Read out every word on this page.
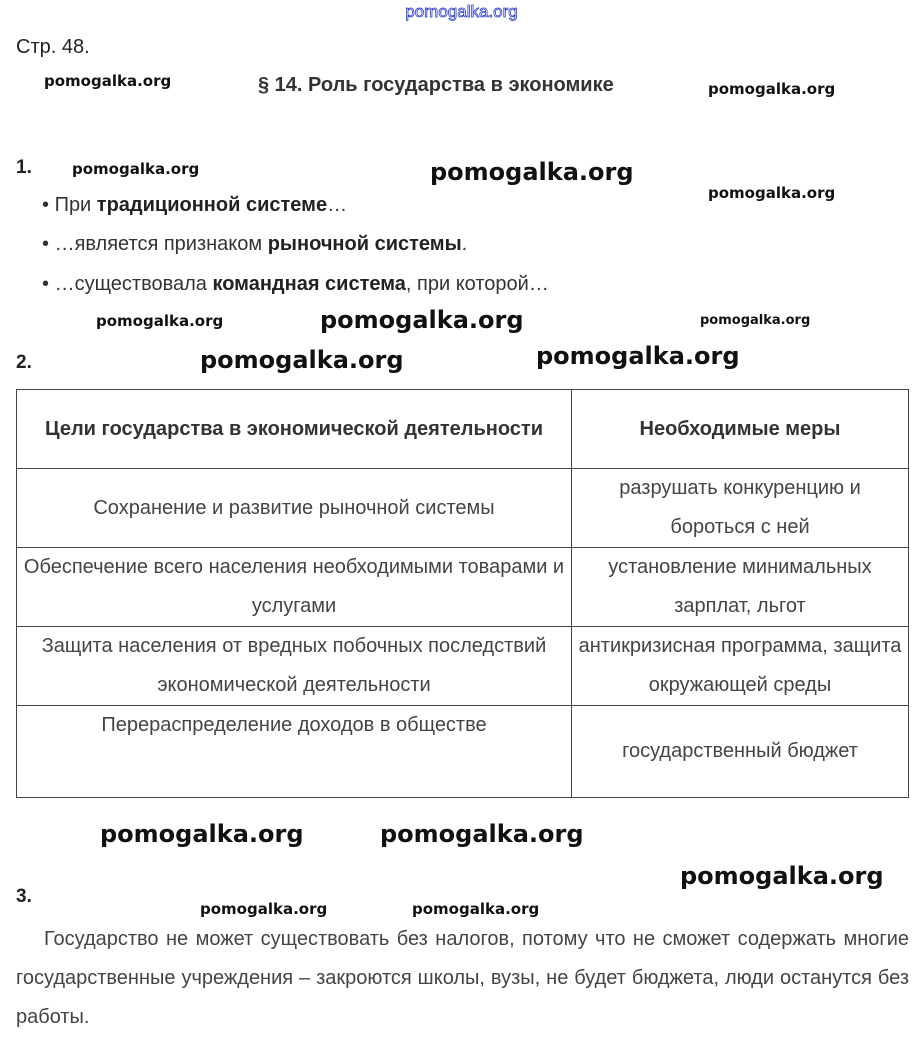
pomogalka.org
Стр. 48.
§ 14. Роль государства в экономике
1.
• При традиционной системе…
• …является признаком рыночной системы.
• …существовала командная система, при которой…
2.
Цели государства в экономической деятельности	Необходимые меры
Сохранение и развитие рыночной системы	разрушать конкуренцию и бороться с ней
Обеспечение всего населения необходимыми товарами и услугами	установление минимальных зарплат, льгот
Защита населения от вредных побочных последствий экономической деятельности	антикризисная программа, защита окружающей среды
Перераспределение доходов в обществе	государственный бюджет
3.
Государство не может существовать без налогов, потому что не сможет содержать многие государственные учреждения – закроются школы, вузы, не будет бюджета, люди останутся без работы.
pomogalka.org	pomogalka.org
pomogalka.org	pomogalka.org
pomogalka.org
pomogalka.org	pomogalka.org
pomogalka.org	pomogalka.org
pomogalka.org
pomogalka.org	pomogalka.org
pomogalka.org
pomogalka.org	pomogalka.org
